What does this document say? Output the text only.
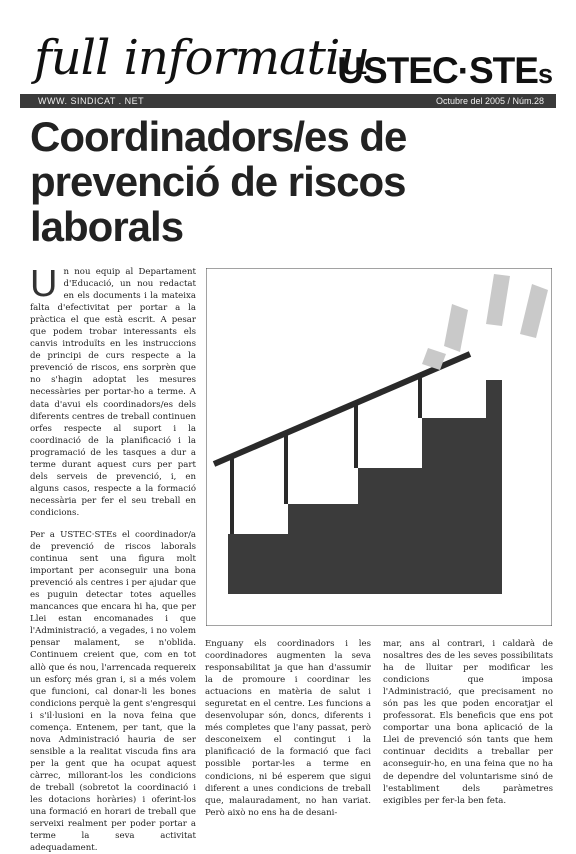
full informatiu
USTEC·STEs
WWW. SINDICAT . NET	Octubre del 2005 / Núm.28
Coordinadors/es de prevenció de riscos laborals

Un nou equip al Departament d'Educació, un nou redactat en els documents i la mateixa falta d'efectivitat per portar a la pràctica el que està escrit. A pesar que podem trobar interessants els canvis introduïts en les instruccions de principi de curs respecte a la prevenció de riscos, ens sorprèn que no s'hagin adoptat les mesures necessàries per portar-ho a terme. A data d'avui els coordinadors/es dels diferents centres de treball continuen orfes respecte al suport i la coordinació de la planificació i la programació de les tasques a dur a terme durant aquest curs per part dels serveis de prevenció, i, en alguns casos, respecte a la formació necessària per fer el seu treball en condicions.

Per a USTEC·STEs el coordinador/a de prevenció de riscos laborals continua sent una figura molt important per aconseguir una bona prevenció als centres i per ajudar que es puguin detectar totes aquelles mancances que encara hi ha, que per Llei estan encomanades i que l'Administració, a vegades, i no volem pensar malament, se n'oblida. Continuem creient que, com en tot allò que és nou, l'arrencada requereix un esforç més gran i, si a més volem que funcioni, cal donar-li les bones condicions perquè la gent s'engresqui i s'il·lusioni en la nova feina que comença. Entenem, per tant, que la nova Administració hauria de ser sensible a la realitat viscuda fins ara per la gent que ha ocupat aquest càrrec, millorant-los les condicions de treball (sobretot la coordinació i les dotacions horàries) i oferint-los una formació en horari de treball que serveixi realment per poder portar a terme la seva activitat adequadament.

Enguany els coordinadors i les coordinadores augmenten la seva responsabilitat ja que han d'assumir la de promoure i coordinar les actuacions en matèria de salut i seguretat en el centre. Les funcions a desenvolupar són, doncs, diferents i més completes que l'any passat, però desconeixem el contingut i la planificació de la formació que faci possible portar-les a terme en condicions, ni bé esperem que sigui diferent a unes condicions de treball que, malauradament, no han variat. Però això no ens ha de desani-

mar, ans al contrari, i caldarà de nosaltres des de les seves possibilitats ha de lluitar per modificar les condicions que imposa l'Administració, que precisament no són pas les que poden encoratjar el professorat. Els beneficis que ens pot comportar una bona aplicació de la Llei de prevenció són tants que hem continuar decidits a treballar per aconseguir-ho, en una feina que no ha de dependre del voluntarisme sinó de l'establiment dels paràmetres exigibles per fer-la ben feta.
